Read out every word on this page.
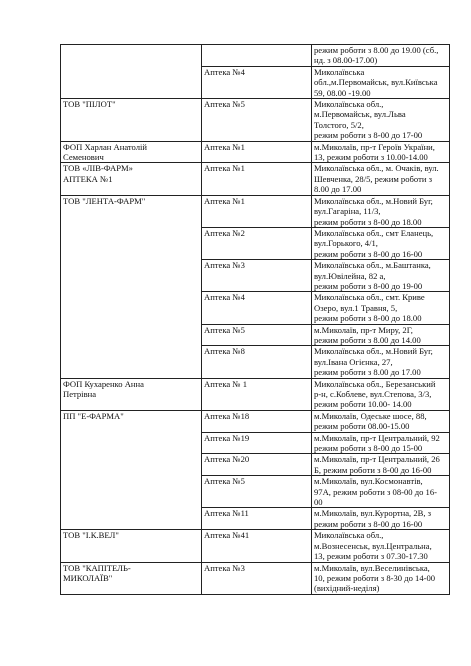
		режим роботи з 8.00 до 19.00 (сб.,
нд. з 08.00-17.00)

	Аптека №4	Миколаївська
обл.,м.Первомайськ, вул.Київська
59, 08.00 -19.00

ТОВ "ПІЛОТ"	Аптека №5	Миколаївська обл.,
м.Первомайськ, вул.Льва
Толстого, 5/2,
режим роботи з 8-00 до 17-00

ФОП Харлан Анатолій
Семенович	Аптека №1	м.Миколаїв, пр-т Героїв України,
13, режим роботи з 10.00-14.00

ТОВ «ЛІВ-ФАРМ»
АПТЕКА №1	Аптека №1	Миколаївська обл., м. Очаків, вул.
Шевченка, 28/5, режим роботи з
8.00 до 17.00

ТОВ "ЛЕНТА-ФАРМ"	Аптека №1	Миколаївська обл., м.Новий Буг,
вул.Гагаріна, 11/3,
режим роботи з 8-00 до 18.00

	Аптека №2	Миколаївська обл., смт Еланець,
вул.Горького, 4/1,
режим роботи з 8-00 до 16-00

	Аптека №3	Миколаївська обл., м.Баштанка,
вул.Ювілейна, 82 а,
режим роботи з 8-00 до 19-00

	Аптека №4	Миколаївська обл., смт. Криве
Озеро, вул.1 Травня, 5,
режим роботи з 8-00 до 18.00

	Аптека №5	м.Миколаїв, пр-т Миру, 2Г,
режим роботи з 8.00 до 14.00

	Аптека №8	Миколаївська обл., м.Новий Буг,
вул.Івана Огієнка, 27,
режим роботи з 8.00 до 17.00

ФОП Кухаренко Анна
Петрівна	Аптека № 1	Миколаївська обл., Березанський
р-н, с.Коблеве, вул.Степова, 3/3,
режим роботи 10.00- 14.00

ПП "Е-ФАРМА"	Аптека №18	м.Миколаїв, Одеське шосе, 88,
режим роботи 08.00-15.00

	Аптека №19	м.Миколаїв, пр-т Центральний, 92
режим роботи з 8-00 до 15-00

	Аптека №20	м.Миколаїв, пр-т Центральний, 26
Б, режим роботи з 8-00 до 16-00

	Аптека №5	м.Миколаїв, вул.Космонавтів,
97А, режим роботи з 08-00 до 16-
00

	Аптека №11	м.Миколаїв, вул.Курортна, 2В, з
режим роботи з 8-00 до 16-00

ТОВ "І.К.ВЕЛ"	Аптека №41	Миколаївська обл.,
м.Вознесенськ, вул.Центральна,
13, режим роботи з 07.30-17.30

ТОВ "КАПІТЕЛЬ-
МИКОЛАЇВ"	Аптека №3	м.Миколаїв, вул.Веселинівська,
10, режим роботи з 8-30 до 14-00
(вихідний-неділя)
